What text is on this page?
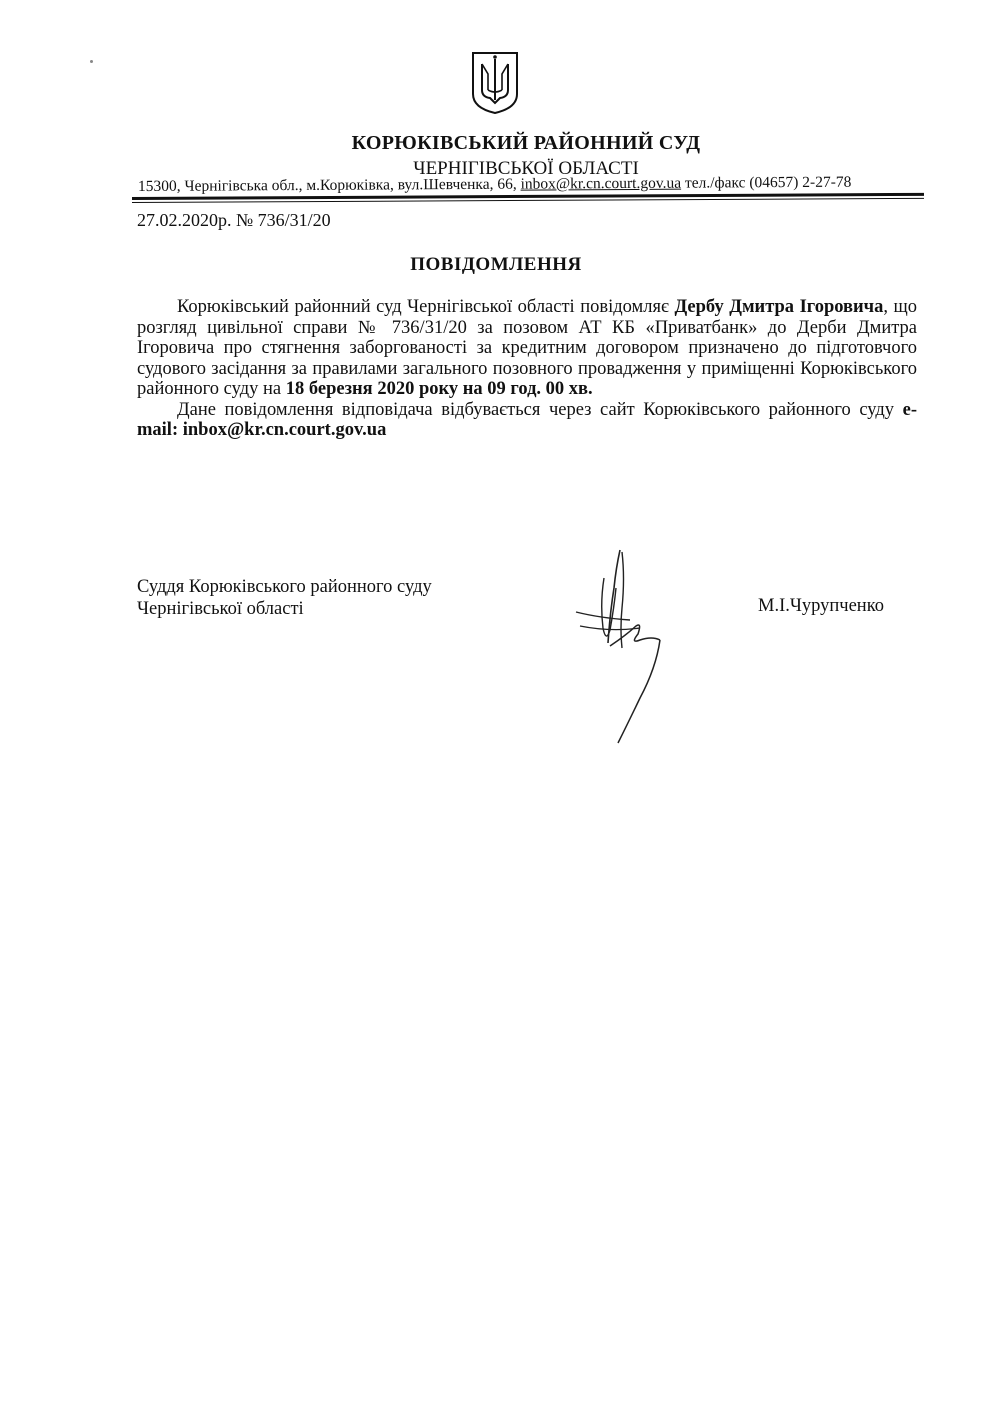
КОРЮКІВСЬКИЙ РАЙОННИЙ СУД
ЧЕРНІГІВСЬКОЇ ОБЛАСТІ
15300, Чернігівська обл., м.Корюківка, вул.Шевченка, 66, inbox@kr.cn.court.gov.ua тел./факс (04657) 2-27-78
27.02.2020р. № 736/31/20
ПОВІДОМЛЕННЯ

Корюківський районний суд Чернігівської області повідомляє Дербу Дмитра Ігоровича, що розгляд цивільної справи № 736/31/20 за позовом АТ КБ «Приватбанк» до Дерби Дмитра Ігоровича про стягнення заборгованості за кредитним договором призначено до підготовчого судового засідання за правилами загального позовного провадження у приміщенні Корюківського районного суду на 18 березня 2020 року на 09 год. 00 хв.

Дане повідомлення відповідача відбувається через сайт Корюківського районного суду e-mail: inbox@kr.cn.court.gov.ua

Суддя Корюківського районного суду
Чернігівської області	М.І.Чурупченко
